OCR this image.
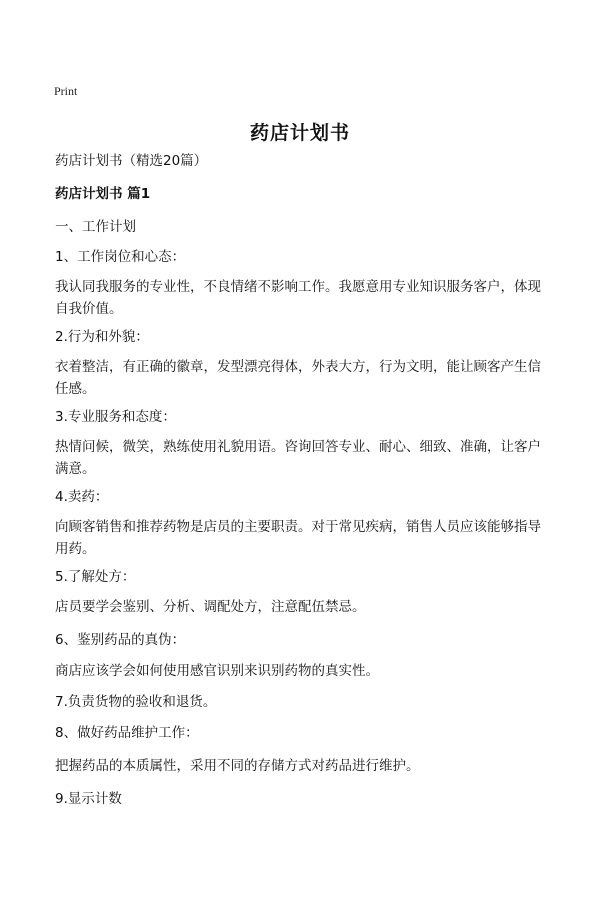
Print
药店计划书

药店计划书（精选20篇）

药店计划书 篇1

一、工作计划

1、工作岗位和心态：

我认同我服务的专业性，不良情绪不影响工作。我愿意用专业知识服务客户，体现自我价值。

2.行为和外貌：

衣着整洁，有正确的徽章，发型漂亮得体，外表大方，行为文明，能让顾客产生信任感。

3.专业服务和态度：

热情问候，微笑，熟练使用礼貌用语。咨询回答专业、耐心、细致、准确，让客户满意。

4.卖药：

向顾客销售和推荐药物是店员的主要职责。对于常见疾病，销售人员应该能够指导用药。

5.了解处方：

店员要学会鉴别、分析、调配处方，注意配伍禁忌。

6、鉴别药品的真伪：

商店应该学会如何使用感官识别来识别药物的真实性。

7.负责货物的验收和退货。

8、做好药品维护工作：

把握药品的本质属性，采用不同的存储方式对药品进行维护。

9.显示计数
